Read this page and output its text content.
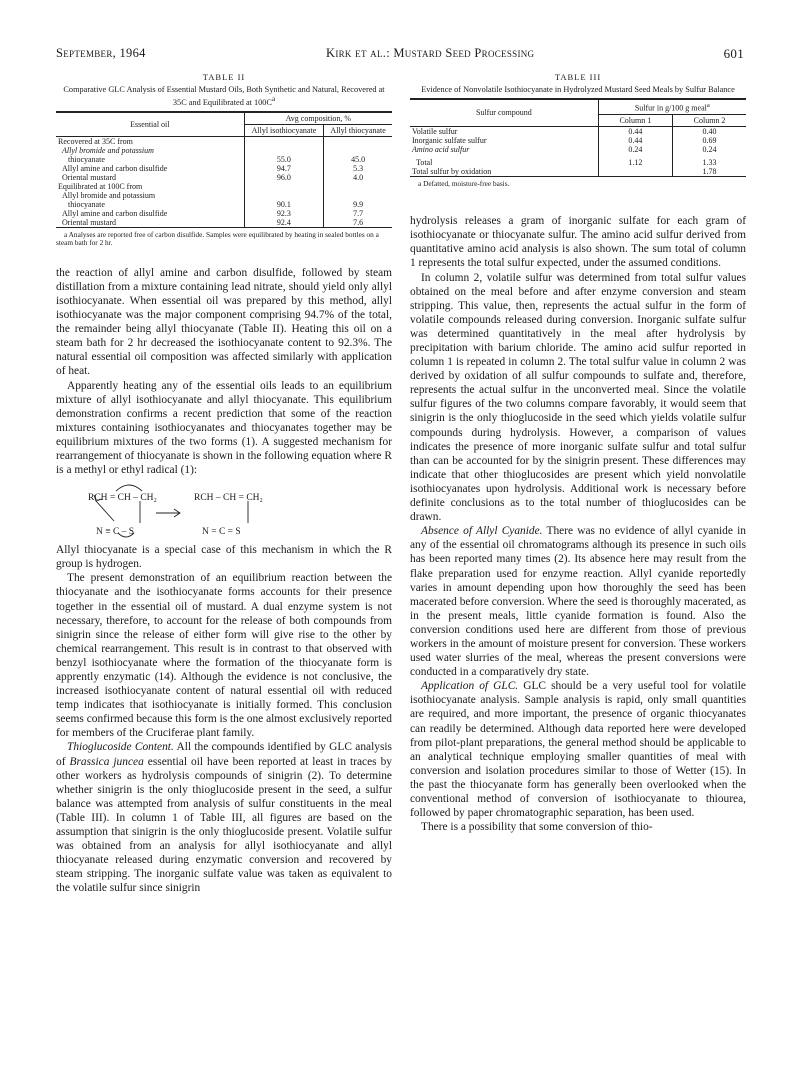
September, 1964	Kirk et al.: Mustard Seed Processing	601

TABLE II

Comparative GLC Analysis of Essential Mustard Oils, Both Synthetic and Natural, Recovered at 35C and Equilibrated at $100C^a$

Essential oil	Avg composition, %	
	Allyl isothiocyanate	Allyl thiocyanate
Recovered at 35C from		
Allyl bromide and potassium		
thiocyanate	55.0	45.0
Allyl amine and carbon disulfide	94.7	5.3
Oriental mustard	96.0	4.0
Equilibrated at 100C from		
Allyl bromide and potassium		
thiocyanate	90.1	9.9
Allyl amine and carbon disulfide	92.3	7.7
Oriental mustard	92.4	7.6

a Analyses are reported free of carbon disulfide. Samples were equilibrated by heating in sealed bottles on a steam bath for 2 hr.

the reaction of allyl amine and carbon disulfide, followed by steam distillation from a mixture containing lead nitrate, should yield only allyl isothiocyanate. When essential oil was prepared by this method, allyl isothiocyanate was the major component comprising 94.7% of the total, the remainder being allyl thiocyanate (Table II). Heating this oil on a steam bath for 2 hr decreased the isothiocyanate content to 92.3%. The natural essential oil composition was affected similarly with application of heat.

Apparently heating any of the essential oils leads to an equilibrium mixture of allyl isothiocyanate and allyl thiocyanate. This equilibrium demonstration confirms a recent prediction that some of the reaction mixtures containing isothiocyanates and thiocyanates together may be equilibrium mixtures of the two forms (1). A suggested mechanism for rearrangement of thiocyanate is shown in the following equation where R is a methyl or ethyl radical (1):

RCH = CH – CH₂
N ≡ C – S
RCH – CH = CH₂
N = C = S

Allyl thiocyanate is a special case of this mechanism in which the R group is hydrogen.

The present demonstration of an equilibrium reaction between the thiocyanate and the isothiocyanate forms accounts for their presence together in the essential oil of mustard. A dual enzyme system is not necessary, therefore, to account for the release of both compounds from sinigrin since the release of either form will give rise to the other by chemical rearrangement. This result is in contrast to that observed with benzyl isothiocyanate where the formation of the thiocyanate form is apprently enzymatic (14). Although the evidence is not conclusive, the increased isothiocyanate content of natural essential oil with reduced temp indicates that isothiocyanate is initially formed. This conclusion seems confirmed because this form is the one almost exclusively reported for members of the Cruciferae plant family.

Thioglucoside Content. All the compounds identified by GLC analysis of Brassica juncea essential oil have been reported at least in traces by other workers as hydrolysis compounds of sinigrin (2). To determine whether sinigrin is the only thioglucoside present in the seed, a sulfur balance was attempted from analysis of sulfur constituents in the meal (Table III). In column 1 of Table III, all figures are based on the assumption that sinigrin is the only thioglucoside present. Volatile sulfur was obtained from an analysis for allyl isothiocyanate and allyl thiocyanate released during enzymatic conversion and recovered by steam stripping. The inorganic sulfate value was taken as equivalent to the volatile sulfur since sinigrin

TABLE III

Evidence of Nonvolatile Isothiocyanate in Hydrolyzed Mustard Seed Meals by Sulfur Balance

Sulfur compound	Sulfur in g/100 g meal$^a$
	Column 1	Column 2
Volatile sulfur	0.44	0.40
Inorganic sulfate sulfur	0.44	0.69
Amino acid sulfur	0.24	0.24
Total	1.12	1.33
Total sulfur by oxidation		1.78

a Defatted, moisture-free basis.

hydrolysis releases a gram of inorganic sulfate for each gram of isothiocyanate or thiocyanate sulfur. The amino acid sulfur derived from quantitative amino acid analysis is also shown. The sum total of column 1 represents the total sulfur expected, under the assumed conditions.

In column 2, volatile sulfur was determined from total sulfur values obtained on the meal before and after enzyme conversion and steam stripping. This value, then, represents the actual sulfur in the form of volatile compounds released during conversion. Inorganic sulfate sulfur was determined quantitatively in the meal after hydrolysis by precipitation with barium chloride. The amino acid sulfur reported in column 1 is repeated in column 2. The total sulfur value in column 2 was derived by oxidation of all sulfur compounds to sulfate and, therefore, represents the actual sulfur in the unconverted meal. Since the volatile sulfur figures of the two columns compare favorably, it would seem that sinigrin is the only thioglucoside in the seed which yields volatile sulfur compounds during hydrolysis. However, a comparison of values indicates the presence of more inorganic sulfate sulfur and total sulfur than can be accounted for by the sinigrin present. These differences may indicate that other thioglucosides are present which yield nonvolatile isothiocyanates upon hydrolysis. Additional work is necessary before definite conclusions as to the total number of thioglucosides can be drawn.

Absence of Allyl Cyanide. There was no evidence of allyl cyanide in any of the essential oil chromatograms although its presence in such oils has been reported many times (2). Its absence here may result from the flake preparation used for enzyme reaction. Allyl cyanide reportedly varies in amount depending upon how thoroughly the seed has been macerated before conversion. Where the seed is thoroughly macerated, as in the present meals, little cyanide formation is found. Also the conversion conditions used here are different from those of previous workers in the amount of moisture present for conversion. These workers used water slurries of the meal, whereas the present conversions were conducted in a comparatively dry state.

Application of GLC. GLC should be a very useful tool for volatile isothiocyanate analysis. Sample analysis is rapid, only small quantities are required, and more important, the presence of organic thiocyanates can readily be determined. Although data reported here were developed from pilot-plant preparations, the general method should be applicable to an analytical technique employing smaller quantities of meal with conversion and isolation procedures similar to those of Wetter (15). In the past the thiocyanate form has generally been overlooked when the conventional method of conversion of isothiocyanate to thiourea, followed by paper chromatographic separation, has been used.

There is a possibility that some conversion of thio-
